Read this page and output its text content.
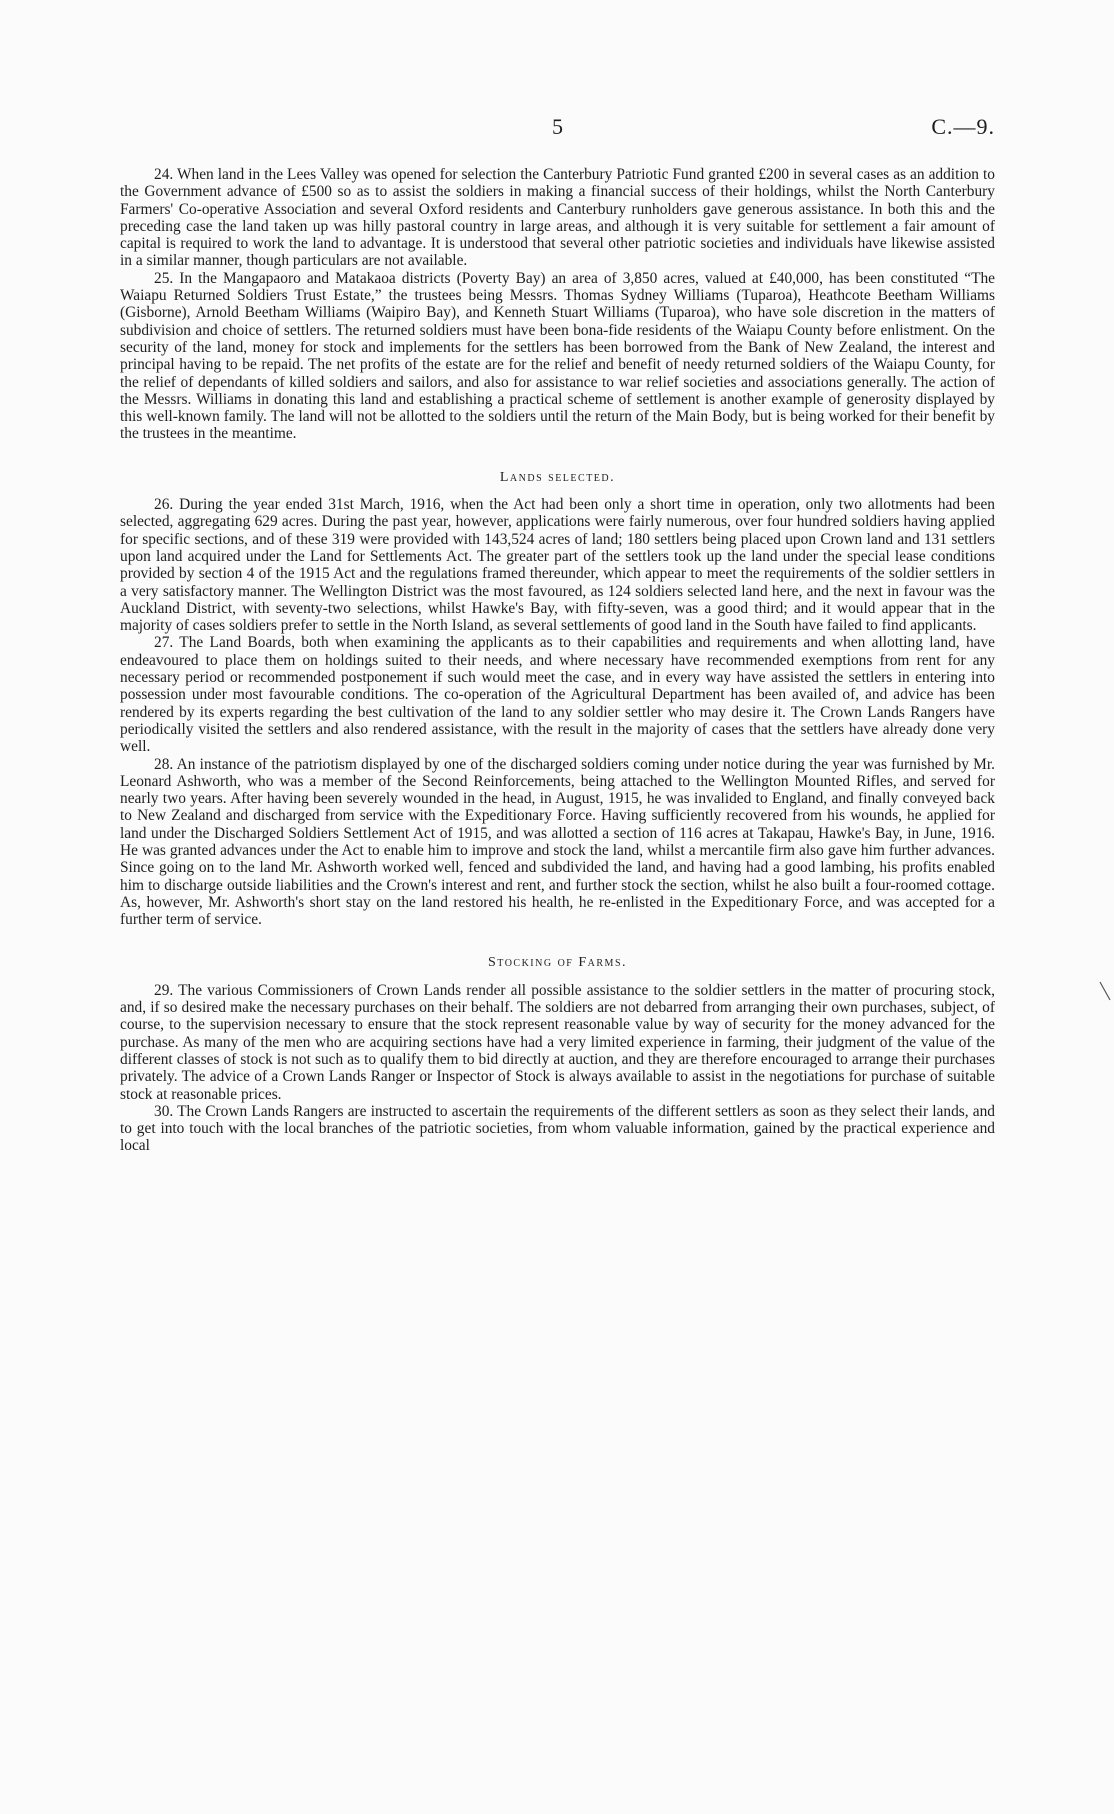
5	C.—9.

24. When land in the Lees Valley was opened for selection the Canterbury Patriotic Fund granted £200 in several cases as an addition to the Government advance of £500 so as to assist the soldiers in making a financial success of their holdings, whilst the North Canterbury Farmers' Co-operative Association and several Oxford residents and Canterbury runholders gave generous assistance. In both this and the preceding case the land taken up was hilly pastoral country in large areas, and although it is very suitable for settlement a fair amount of capital is required to work the land to advantage. It is understood that several other patriotic societies and individuals have likewise assisted in a similar manner, though particulars are not available.

25. In the Mangapaoro and Matakaoa districts (Poverty Bay) an area of 3,850 acres, valued at £40,000, has been constituted “The Waiapu Returned Soldiers Trust Estate,” the trustees being Messrs. Thomas Sydney Williams (Tuparoa), Heathcote Beetham Williams (Gisborne), Arnold Beetham Williams (Waipiro Bay), and Kenneth Stuart Williams (Tuparoa), who have sole discretion in the matters of subdivision and choice of settlers. The returned soldiers must have been bona-fide residents of the Waiapu County before enlistment. On the security of the land, money for stock and implements for the settlers has been borrowed from the Bank of New Zealand, the interest and principal having to be repaid. The net profits of the estate are for the relief and benefit of needy returned soldiers of the Waiapu County, for the relief of dependants of killed soldiers and sailors, and also for assistance to war relief societies and associations generally. The action of the Messrs. Williams in donating this land and establishing a practical scheme of settlement is another example of generosity displayed by this well-known family. The land will not be allotted to the soldiers until the return of the Main Body, but is being worked for their benefit by the trustees in the meantime.

Lands selected.

26. During the year ended 31st March, 1916, when the Act had been only a short time in operation, only two allotments had been selected, aggregating 629 acres. During the past year, however, applications were fairly numerous, over four hundred soldiers having applied for specific sections, and of these 319 were provided with 143,524 acres of land; 180 settlers being placed upon Crown land and 131 settlers upon land acquired under the Land for Settlements Act. The greater part of the settlers took up the land under the special lease conditions provided by section 4 of the 1915 Act and the regulations framed thereunder, which appear to meet the requirements of the soldier settlers in a very satisfactory manner. The Wellington District was the most favoured, as 124 soldiers selected land here, and the next in favour was the Auckland District, with seventy-two selections, whilst Hawke's Bay, with fifty-seven, was a good third; and it would appear that in the majority of cases soldiers prefer to settle in the North Island, as several settlements of good land in the South have failed to find applicants.

27. The Land Boards, both when examining the applicants as to their capabilities and requirements and when allotting land, have endeavoured to place them on holdings suited to their needs, and where necessary have recommended exemptions from rent for any necessary period or recommended postponement if such would meet the case, and in every way have assisted the settlers in entering into possession under most favourable conditions. The co-operation of the Agricultural Department has been availed of, and advice has been rendered by its experts regarding the best cultivation of the land to any soldier settler who may desire it. The Crown Lands Rangers have periodically visited the settlers and also rendered assistance, with the result in the majority of cases that the settlers have already done very well.

28. An instance of the patriotism displayed by one of the discharged soldiers coming under notice during the year was furnished by Mr. Leonard Ashworth, who was a member of the Second Reinforcements, being attached to the Wellington Mounted Rifles, and served for nearly two years. After having been severely wounded in the head, in August, 1915, he was invalided to England, and finally conveyed back to New Zealand and discharged from service with the Expeditionary Force. Having sufficiently recovered from his wounds, he applied for land under the Discharged Soldiers Settlement Act of 1915, and was allotted a section of 116 acres at Takapau, Hawke's Bay, in June, 1916. He was granted advances under the Act to enable him to improve and stock the land, whilst a mercantile firm also gave him further advances. Since going on to the land Mr. Ashworth worked well, fenced and subdivided the land, and having had a good lambing, his profits enabled him to discharge outside liabilities and the Crown's interest and rent, and further stock the section, whilst he also built a four-roomed cottage. As, however, Mr. Ashworth's short stay on the land restored his health, he re-enlisted in the Expeditionary Force, and was accepted for a further term of service.

Stocking of Farms.

29. The various Commissioners of Crown Lands render all possible assistance to the soldier settlers in the matter of procuring stock, and, if so desired make the necessary purchases on their behalf. The soldiers are not debarred from arranging their own purchases, subject, of course, to the supervision necessary to ensure that the stock represent reasonable value by way of security for the money advanced for the purchase. As many of the men who are acquiring sections have had a very limited experience in farming, their judgment of the value of the different classes of stock is not such as to qualify them to bid directly at auction, and they are therefore encouraged to arrange their purchases privately. The advice of a Crown Lands Ranger or Inspector of Stock is always available to assist in the negotiations for purchase of suitable stock at reasonable prices.

30. The Crown Lands Rangers are instructed to ascertain the requirements of the different settlers as soon as they select their lands, and to get into touch with the local branches of the patriotic societies, from whom valuable information, gained by the practical experience and local
